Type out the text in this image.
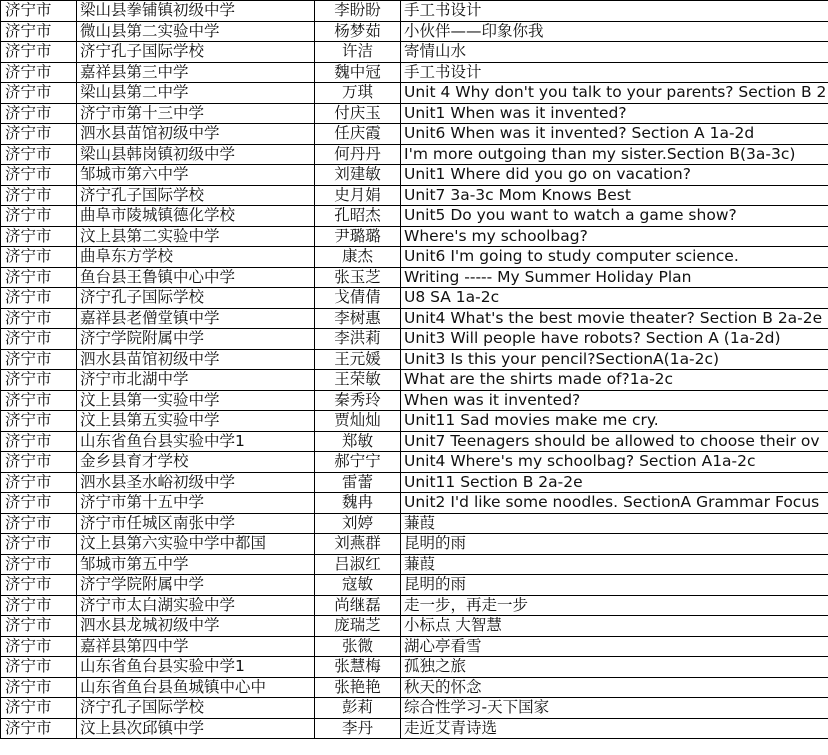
济宁市	梁山县拳铺镇初级中学	李盼盼	手工书设计
济宁市	微山县第二实验中学	杨梦茹	小伙伴——印象你我
济宁市	济宁孔子国际学校	许洁	寄情山水
济宁市	嘉祥县第三中学	魏中冠	手工书设计
济宁市	梁山县第二中学	万琪	Unit 4 Why don't you talk to your parents? Section B 2
济宁市	济宁市第十三中学	付庆玉	Unit1 When was it invented?
济宁市	泗水县苗馆初级中学	任庆霞	Unit6 When was it invented? Section A 1a-2d
济宁市	梁山县韩岗镇初级中学	何丹丹	I'm more outgoing than my sister.Section B(3a-3c)
济宁市	邹城市第六中学	刘建敏	Unit1 Where did you go on vacation?
济宁市	济宁孔子国际学校	史月娟	Unit7 3a-3c Mom Knows Best
济宁市	曲阜市陵城镇德化学校	孔昭杰	Unit5 Do you want to watch a game show?
济宁市	汶上县第二实验中学	尹璐璐	Where's my schoolbag?
济宁市	曲阜东方学校	康杰	Unit6 I'm going to study computer science.
济宁市	鱼台县王鲁镇中心中学	张玉芝	Writing ----- My Summer Holiday Plan
济宁市	济宁孔子国际学校	戈倩倩	U8 SA 1a-2c
济宁市	嘉祥县老僧堂镇中学	李树惠	Unit4 What's the best movie theater? Section B 2a-2e
济宁市	济宁学院附属中学	李洪莉	Unit3 Will people have robots? Section A (1a-2d)
济宁市	泗水县苗馆初级中学	王元媛	Unit3 Is this your pencil?SectionA(1a-2c)
济宁市	济宁市北湖中学	王荣敏	What are the shirts made of?1a-2c
济宁市	汶上县第一实验中学	秦秀玲	When was it invented?
济宁市	汶上县第五实验中学	贾灿灿	Unit11 Sad movies make me cry.
济宁市	山东省鱼台县实验中学1	郑敏	Unit7 Teenagers should be allowed to choose their ov
济宁市	金乡县育才学校	郝宁宁	Unit4 Where's my schoolbag? Section A1a-2c
济宁市	泗水县圣水峪初级中学	雷蕾	Unit11 Section B 2a-2e
济宁市	济宁市第十五中学	魏冉	Unit2 I'd like some noodles. SectionA Grammar Focus
济宁市	济宁市任城区南张中学	刘婷	蒹葭
济宁市	汶上县第六实验中学中都国	刘燕群	昆明的雨
济宁市	邹城市第五中学	吕淑红	蒹葭
济宁市	济宁学院附属中学	寇敏	昆明的雨
济宁市	济宁市太白湖实验中学	尚继磊	走一步，再走一步
济宁市	泗水县龙城初级中学	庞瑞芝	小标点 大智慧
济宁市	嘉祥县第四中学	张微	湖心亭看雪
济宁市	山东省鱼台县实验中学1	张慧梅	孤独之旅
济宁市	山东省鱼台县鱼城镇中心中	张艳艳	秋天的怀念
济宁市	济宁孔子国际学校	彭莉	综合性学习-天下国家
济宁市	汶上县次邱镇中学	李丹	走近艾青诗选
